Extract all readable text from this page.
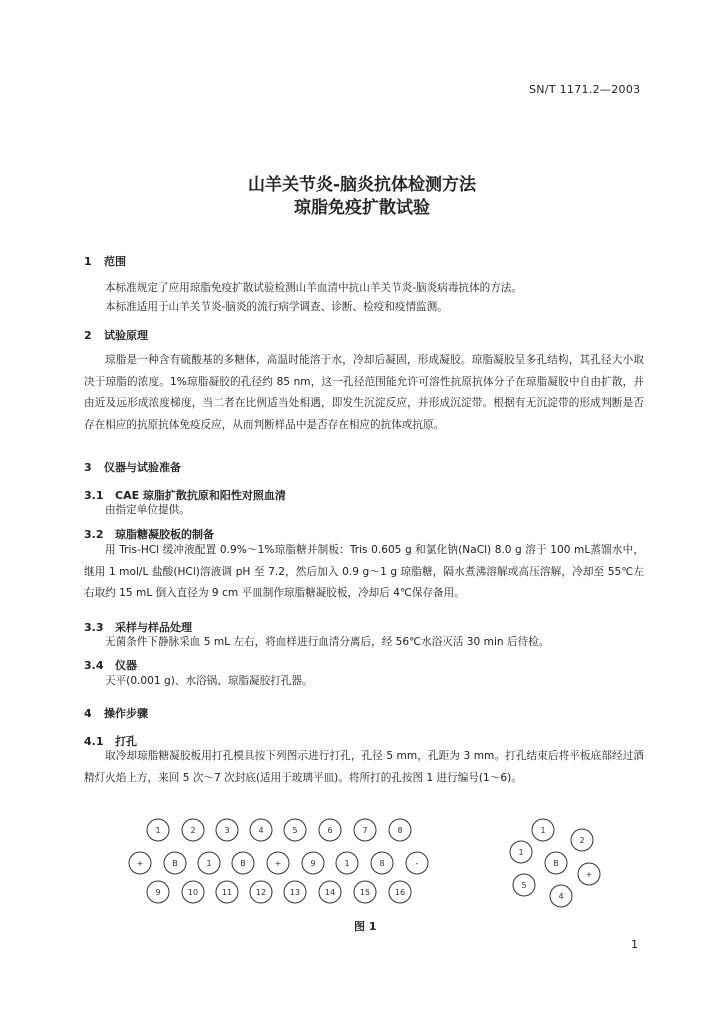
SN/T 1171.2—2003
山羊关节炎-脑炎抗体检测方法
琼脂免疫扩散试验
1 范围

本标准规定了应用琼脂免疫扩散试验检测山羊血清中抗山羊关节炎-脑炎病毒抗体的方法。

本标准适用于山羊关节炎-脑炎的流行病学调查、诊断、检疫和疫情监测。

2 试验原理

琼脂是一种含有硫酸基的多糖体，高温时能溶于水，冷却后凝固，形成凝胶。琼脂凝胶呈多孔结构，其孔径大小取决于琼脂的浓度。1%琼脂凝胶的孔径约 85 nm，这一孔径范围能允许可溶性抗原抗体分子在琼脂凝胶中自由扩散，并由近及远形成浓度梯度，当二者在比例适当处相遇，即发生沉淀反应，并形成沉淀带。根据有无沉淀带的形成判断是否存在相应的抗原抗体免疫反应，从而判断样品中是否存在相应的抗体或抗原。

3 仪器与试验准备
3.1 CAE 琼脂扩散抗原和阳性对照血清

由指定单位提供。

3.2 琼脂糖凝胶板的制备

用 Tris-HCl 缓冲液配置 0.9%～1%琼脂糖并制板：Tris 0.605 g 和氯化钠(NaCl) 8.0 g 溶于 100 mL蒸馏水中，继用 1 mol/L 盐酸(HCl)溶液调 pH 至 7.2，然后加入 0.9 g～1 g 琼脂糖，隔水煮沸溶解或高压溶解，冷却至 55℃左右取约 15 mL 倒入直径为 9 cm 平皿制作琼脂糖凝胶板，冷却后 4℃保存备用。

3.3 采样与样品处理

无菌条件下静脉采血 5 mL 左右，将血样进行血清分离后，经 56℃水浴灭活 30 min 后待检。

3.4 仪器

天平(0.001 g)、水浴锅、琼脂凝胶打孔器。

4 操作步骤
4.1 打孔

取冷却琼脂糖凝胶板用打孔模具按下列图示进行打孔，孔径 5 mm，孔距为 3 mm。打孔结束后将平板底部经过酒精灯火焰上方，来回 5 次～7 次封底(适用于玻璃平皿)。将所打的孔按图 1 进行编号(1～6)。

1	2	3	4	5	6	7	8
+	B	1	B	+	9	1	8	-
9	10	11	12	13	14	15	16
1
2
+
4
5
1
B
图 1
1
